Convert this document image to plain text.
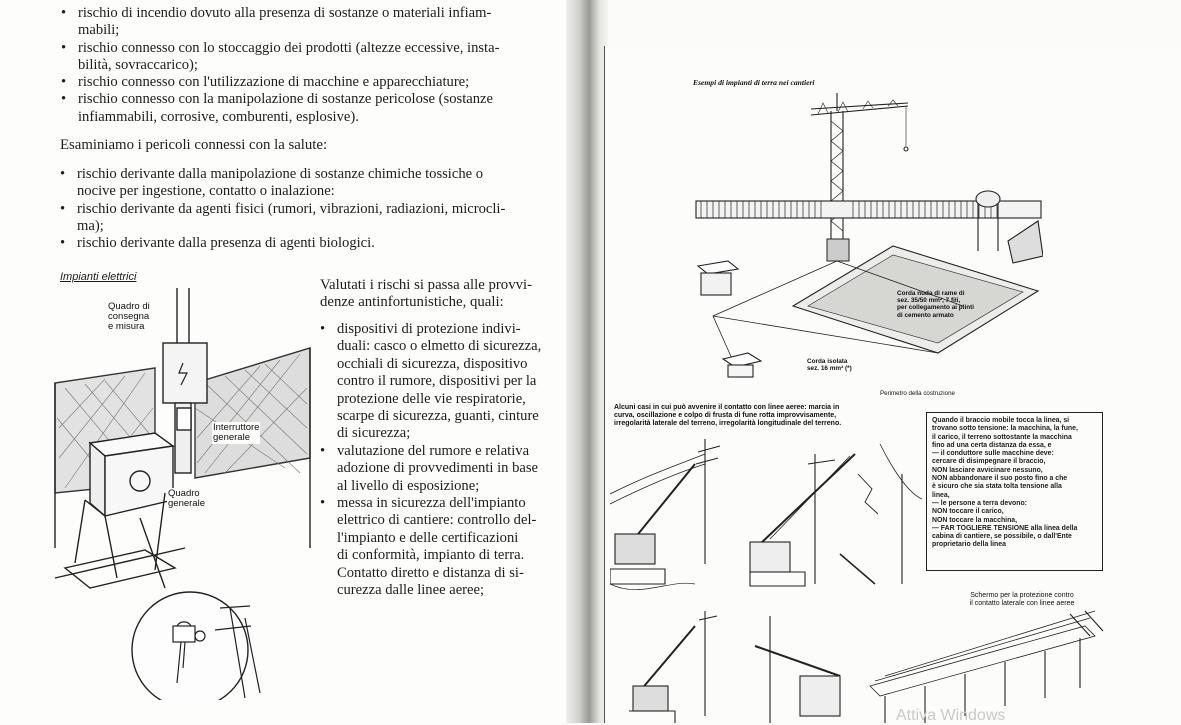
• rischio di incendio dovuto alla presenza di sostanze o materiali infiam-
mabili;
• rischio connesso con lo stoccaggio dei prodotti (altezze eccessive, insta-
bilità, sovraccarico);
• rischio connesso con l'utilizzazione di macchine e apparecchiature;
• rischio connesso con la manipolazione di sostanze pericolose (sostanze
infiammabili, corrosive, comburenti, esplosive).

Esaminiamo i pericoli connessi con la salute:

• rischio derivante dalla manipolazione di sostanze chimiche tossiche o
nocive per ingestione, contatto o inalazione:
• rischio derivante da agenti fisici (rumori, vibrazioni, radiazioni, microcli-
ma);
• rischio derivante dalla presenza di agenti biologici.
Impianti elettrici
Quadro di
consegna
e misura
Interruttore
generale
Quadro
generale

Valutati i rischi si passa alle provvi-
denze antinfortunistiche, quali:

• dispositivi di protezione indivi-
duali: casco o elmetto di sicurezza,
occhiali di sicurezza, dispositivo
contro il rumore, dispositivi per la
protezione delle vie respiratorie,
scarpe di sicurezza, guanti, cinture
di sicurezza;
• valutazione del rumore e relativa
adozione di provvedimenti in base
al livello di esposizione;
• messa in sicurezza dell'impianto
elettrico di cantiere: controllo del-
l'impianto e delle certificazioni
di conformità, impianto di terra.
Contatto diretto e distanza di si-
curezza dalle linee aeree;
Esempi di impianti di terra nei cantieri
Corda nuda di rame di
sez. 35/50 mm², 7 fili,
per collegamento ai plinti
di cemento armato
Corda isolata
sez. 16 mm² (*)
Perimetro della costruzione
Alcuni casi in cui può avvenire il contatto con linee aeree: marcia in
curva, oscillazione e colpo di frusta di fune rotta improvvisamente,
irregolarità laterale del terreno, irregolarità longitudinale del terreno.	Quando il braccio mobile tocca la linea, si
trovano sotto tensione: la macchina, la fune,
il carico, il terreno sottostante la macchina
fino ad una certa distanza da essa, e
— il conduttore sulle macchine deve:
cercare di disimpegnare il braccio,
NON lasciare avvicinare nessuno,
NON abbandonare il suo posto fino a che
è sicuro che sia stata tolta tensione alla
linea,
— le persone a terra devono:
NON toccare il carico,
NON toccare la macchina,
— FAR TOGLIERE TENSIONE alla linea della
cabina di cantiere, se possibile, o dall'Ente
proprietario della linea
Schermo per la protezione contro
il contatto laterale con linee aeree
Attiva Windows
